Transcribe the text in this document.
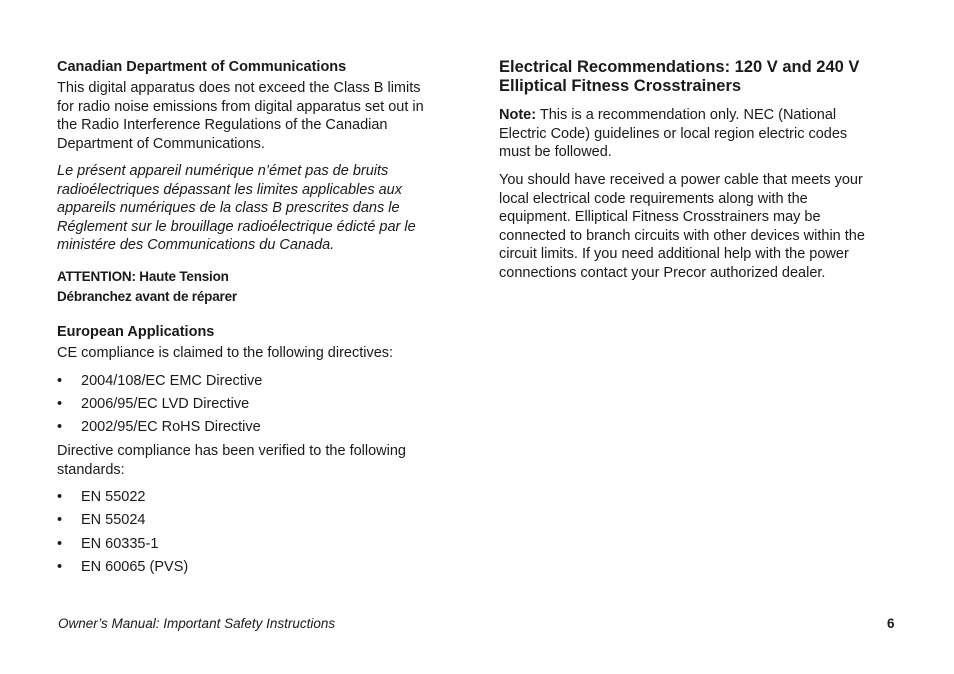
Canadian Department of Communications
This digital apparatus does not exceed the Class B limits
for radio noise emissions from digital apparatus set out in
the Radio Interference Regulations of the Canadian
Department of Communications.
Le présent appareil numérique n’émet pas de bruits
radioélectriques dépassant les limites applicables aux
appareils numériques de la class B prescrites dans le
Réglement sur le brouillage radioélectrique édicté par le
ministére des Communications du Canada.
ATTENTION: Haute Tension
Débranchez avant de réparer
European Applications
CE compliance is claimed to the following directives:
•	2004/108/EC EMC Directive
•	2006/95/EC LVD Directive
•	2002/95/EC RoHS Directive
Directive compliance has been verified to the following
standards:
•	EN 55022
•	EN 55024
•	EN 60335-1
•	EN 60065 (PVS)
Electrical Recommendations: 120 V and 240 V
Elliptical Fitness Crosstrainers
Note: This is a recommendation only. NEC (National
Electric Code) guidelines or local region electric codes
must be followed.
You should have received a power cable that meets your
local electrical code requirements along with the
equipment. Elliptical Fitness Crosstrainers may be
connected to branch circuits with other devices within the
circuit limits. If you need additional help with the power
connections contact your Precor authorized dealer.
Owner’s Manual: Important Safety Instructions	6
